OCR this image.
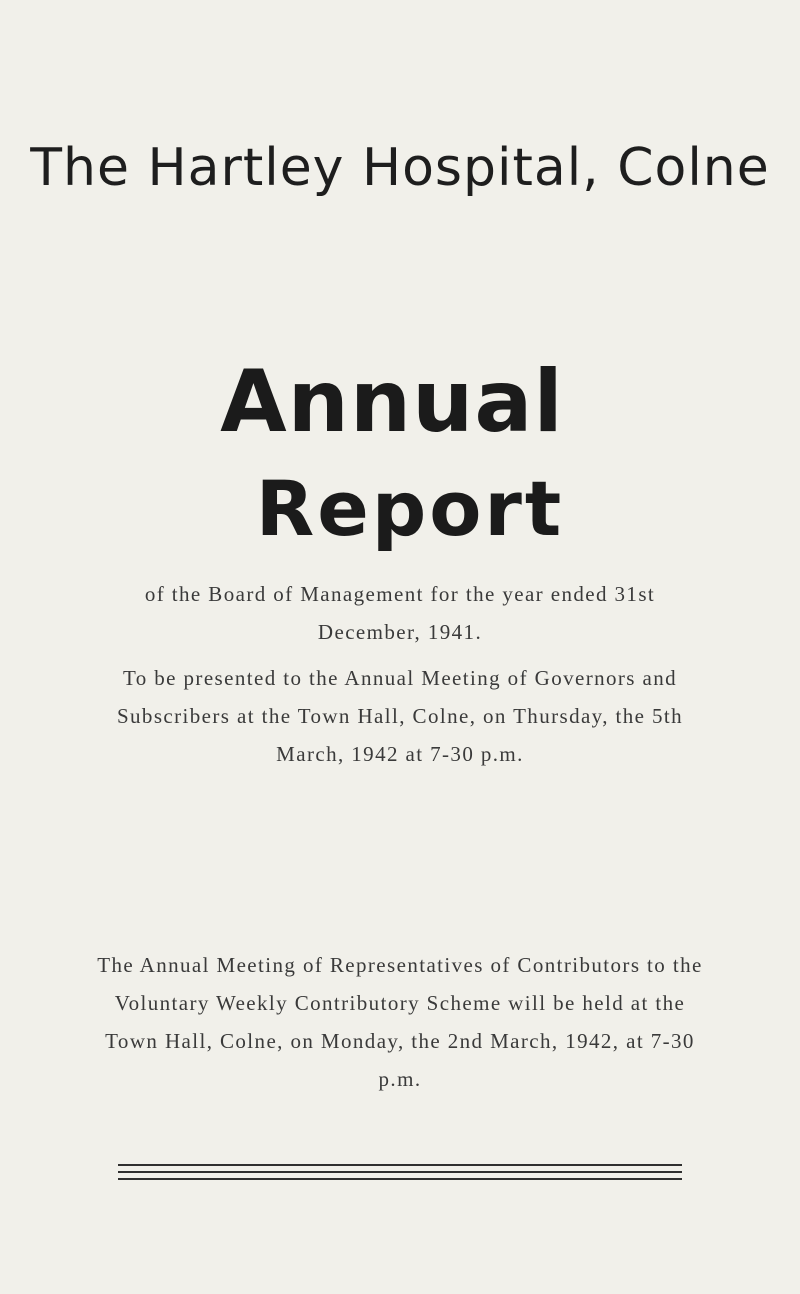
The Hartley Hospital, Colne
Annual
Report

of the Board of Management for the year ended 31st December, 1941.

To be presented to the Annual Meeting of Governors and Subscribers at the Town Hall, Colne, on Thursday, the 5th March, 1942 at 7-30 p.m.

The Annual Meeting of Representatives of Contributors to the Voluntary Weekly Contributory Scheme will be held at the Town Hall, Colne, on Monday, the 2nd March, 1942, at 7-30 p.m.
